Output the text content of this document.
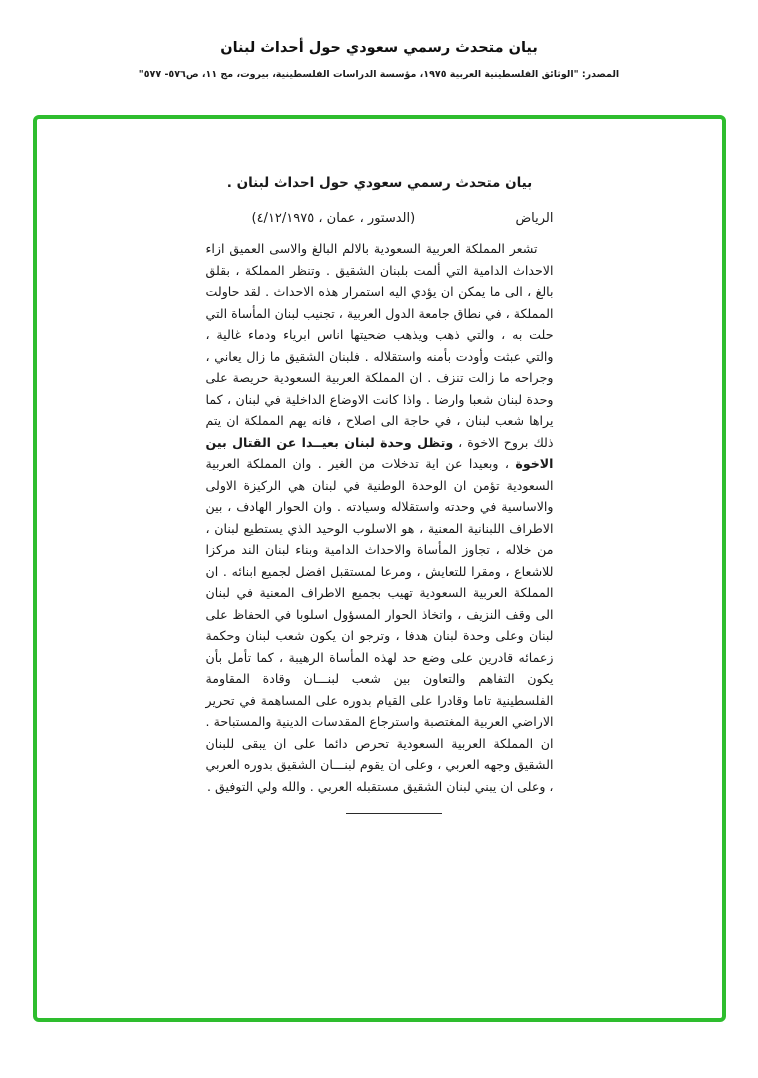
بيان متحدث رسمي سعودي حول أحداث لبنان
المصدر: "الوثائق الفلسطينية العربية ١٩٧٥، مؤسسة الدراسات الفلسطينية، بيروت، مج ١١، ص٥٧٦- ٥٧٧"
بيان متحدث رسمي سعودي حول احداث لبنان .
الرياض
(الدستور ، عمان ، ٤/١٢/١٩٧٥)

تشعر المملكة العربية السعودية بالالم البالغ والاسى العميق ازاء الاحداث الدامية التي ألمت بلبنان الشقيق . وتنظر المملكة ، بقلق بالغ ، الى ما يمكن ان يؤدي اليه استمرار هذه الاحداث . لقد حاولت المملكة ، في نطاق جامعة الدول العربية ، تجنيب لبنان المأساة التي حلت به ، والتي ذهب ويذهب ضحيتها اناس ابرياء ودماء غالية ، والتي عبثت وأودت بأمنه واستقلاله . فلبنان الشقيق ما زال يعاني ، وجراحه ما زالت تنزف . ان المملكة العربية السعودية حريصة على وحدة لبنان شعبا وارضا . واذا كانت الاوضاع الداخلية في لبنان ، كما يراها شعب لبنان ، في حاجة الى اصلاح ، فانه يهم المملكة ان يتم ذلك بروح الاخوة ، وتظل وحدة لبنان بعيــدا عن القتال بين الاخوة ، وبعيدا عن اية تدخلات من الغير . وان المملكة العربية السعودية تؤمن ان الوحدة الوطنية في لبنان هي الركيزة الاولى والاساسية في وحدته واستقلاله وسيادته . وان الحوار الهادف ، بين الاطراف اللبنانية المعنية ، هو الاسلوب الوحيد الذي يستطيع لبنان ، من خلاله ، تجاوز المأساة والاحداث الدامية وبناء لبنان الند مركزا للاشعاع ، ومقرا للتعايش ، ومرعا لمستقبل افضل لجميع ابنائه . ان المملكة العربية السعودية تهيب بجميع الاطراف المعنية في لبنان الى وقف النزيف ، واتخاذ الحوار المسؤول اسلوبا في الحفاظ على لبنان وعلى وحدة لبنان هدفا ، وترجو ان يكون شعب لبنان وحكمة زعمائه قادرين على وضع حد لهذه المأساة الرهيبة ، كما تأمل بأن يكون التفاهم والتعاون بين شعب لبنـــان وقادة المقاومة الفلسطينية تاما وقادرا على القيام بدوره على المساهمة في تحرير الاراضي العربية المغتصبة واسترجاع المقدسات الدينية والمستباحة . ان المملكة العربية السعودية تحرص دائما على ان يبقى للبنان الشقيق وجهه العربي ، وعلى ان يقوم لبنـــان الشقيق بدوره العربي ، وعلى ان يبني لبنان الشقيق مستقبله العربي . والله ولي التوفيق .
